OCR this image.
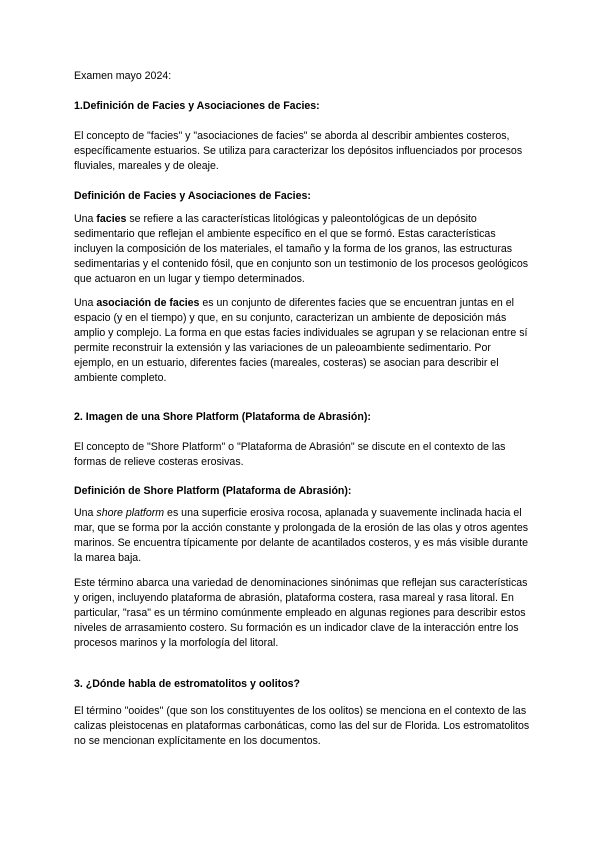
Examen mayo 2024:

1.Definición de Facies y Asociaciones de Facies:

El concepto de "facies" y "asociaciones de facies" se aborda al describir ambientes costeros, específicamente estuarios. Se utiliza para caracterizar los depósitos influenciados por procesos fluviales, mareales y de oleaje.

Definición de Facies y Asociaciones de Facies:

Una facies se refiere a las características litológicas y paleontológicas de un depósito sedimentario que reflejan el ambiente específico en el que se formó. Estas características incluyen la composición de los materiales, el tamaño y la forma de los granos, las estructuras sedimentarias y el contenido fósil, que en conjunto son un testimonio de los procesos geológicos que actuaron en un lugar y tiempo determinados.

Una asociación de facies es un conjunto de diferentes facies que se encuentran juntas en el espacio (y en el tiempo) y que, en su conjunto, caracterizan un ambiente de deposición más amplio y complejo. La forma en que estas facies individuales se agrupan y se relacionan entre sí permite reconstruir la extensión y las variaciones de un paleoambiente sedimentario. Por ejemplo, en un estuario, diferentes facies (mareales, costeras) se asocian para describir el ambiente completo.

2. Imagen de una Shore Platform (Plataforma de Abrasión):

El concepto de "Shore Platform" o "Plataforma de Abrasión" se discute en el contexto de las formas de relieve costeras erosivas.

Definición de Shore Platform (Plataforma de Abrasión):

Una shore platform es una superficie erosiva rocosa, aplanada y suavemente inclinada hacia el mar, que se forma por la acción constante y prolongada de la erosión de las olas y otros agentes marinos. Se encuentra típicamente por delante de acantilados costeros, y es más visible durante la marea baja.

Este término abarca una variedad de denominaciones sinónimas que reflejan sus características y origen, incluyendo plataforma de abrasión, plataforma costera, rasa mareal y rasa litoral. En particular, "rasa" es un término comúnmente empleado en algunas regiones para describir estos niveles de arrasamiento costero. Su formación es un indicador clave de la interacción entre los procesos marinos y la morfología del litoral.

3. ¿Dónde habla de estromatolitos y oolitos?

El término "ooides" (que son los constituyentes de los oolitos) se menciona en el contexto de las calizas pleistocenas en plataformas carbonáticas, como las del sur de Florida. Los estromatolitos no se mencionan explícitamente en los documentos.
